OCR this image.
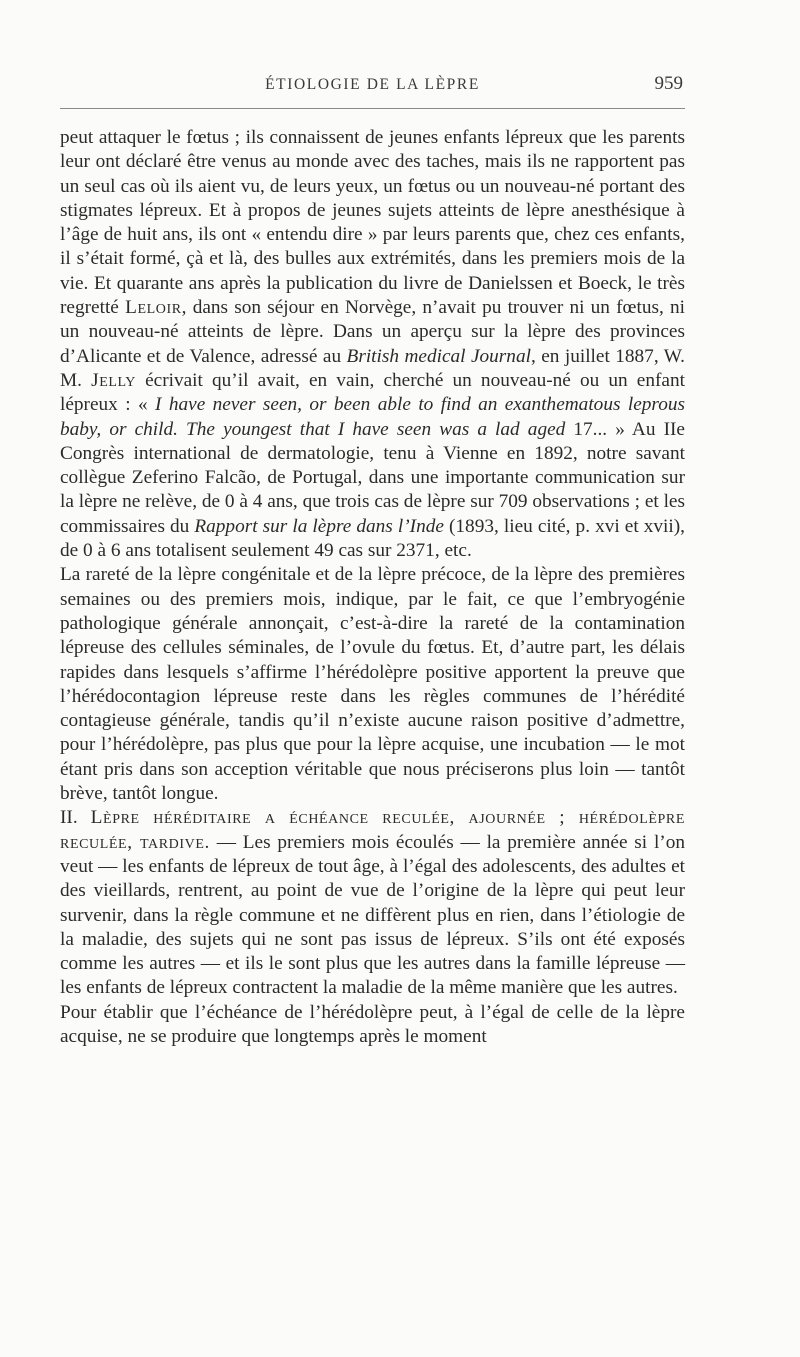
ÉTIOLOGIE DE LA LÈPRE	959

peut attaquer le fœtus ; ils connaissent de jeunes enfants lépreux que les parents leur ont déclaré être venus au monde avec des taches, mais ils ne rapportent pas un seul cas où ils aient vu, de leurs yeux, un fœtus ou un nouveau-né portant des stigmates lépreux. Et à propos de jeunes sujets atteints de lèpre anesthésique à l’âge de huit ans, ils ont « entendu dire » par leurs parents que, chez ces enfants, il s’était formé, çà et là, des bulles aux extrémités, dans les premiers mois de la vie. Et quarante ans après la publication du livre de Danielssen et Boeck, le très regretté Leloir, dans son séjour en Norvège, n’avait pu trouver ni un fœtus, ni un nouveau-né atteints de lèpre. Dans un aperçu sur la lèpre des provinces d’Alicante et de Valence, adressé au British medical Journal, en juillet 1887, W. M. Jelly écrivait qu’il avait, en vain, cherché un nouveau-né ou un enfant lépreux : « I have never seen, or been able to find an exanthematous leprous baby, or child. The youngest that I have seen was a lad aged 17... » Au IIe Congrès international de dermatologie, tenu à Vienne en 1892, notre savant collègue Zeferino Falcão, de Portugal, dans une importante communication sur la lèpre ne relève, de 0 à 4 ans, que trois cas de lèpre sur 709 observations ; et les commissaires du Rapport sur la lèpre dans l’Inde (1893, lieu cité, p. xvi et xvii), de 0 à 6 ans totalisent seulement 49 cas sur 2371, etc.

La rareté de la lèpre congénitale et de la lèpre précoce, de la lèpre des premières semaines ou des premiers mois, indique, par le fait, ce que l’embryogénie pathologique générale annonçait, c’est-à-dire la rareté de la contamination lépreuse des cellules séminales, de l’ovule du fœtus. Et, d’autre part, les délais rapides dans lesquels s’affirme l’hérédolèpre positive apportent la preuve que l’hérédocontagion lépreuse reste dans les règles communes de l’hérédité contagieuse générale, tandis qu’il n’existe aucune raison positive d’admettre, pour l’hérédolèpre, pas plus que pour la lèpre acquise, une incubation — le mot étant pris dans son acception véritable que nous préciserons plus loin — tantôt brève, tantôt longue.

II. Lèpre héréditaire a échéance reculée, ajournée ; hérédolèpre reculée, tardive. — Les premiers mois écoulés — la première année si l’on veut — les enfants de lépreux de tout âge, à l’égal des adolescents, des adultes et des vieillards, rentrent, au point de vue de l’origine de la lèpre qui peut leur survenir, dans la règle commune et ne diffèrent plus en rien, dans l’étiologie de la maladie, des sujets qui ne sont pas issus de lépreux. S’ils ont été exposés comme les autres — et ils le sont plus que les autres dans la famille lépreuse — les enfants de lépreux contractent la maladie de la même manière que les autres.

Pour établir que l’échéance de l’hérédolèpre peut, à l’égal de celle de la lèpre acquise, ne se produire que longtemps après le moment
